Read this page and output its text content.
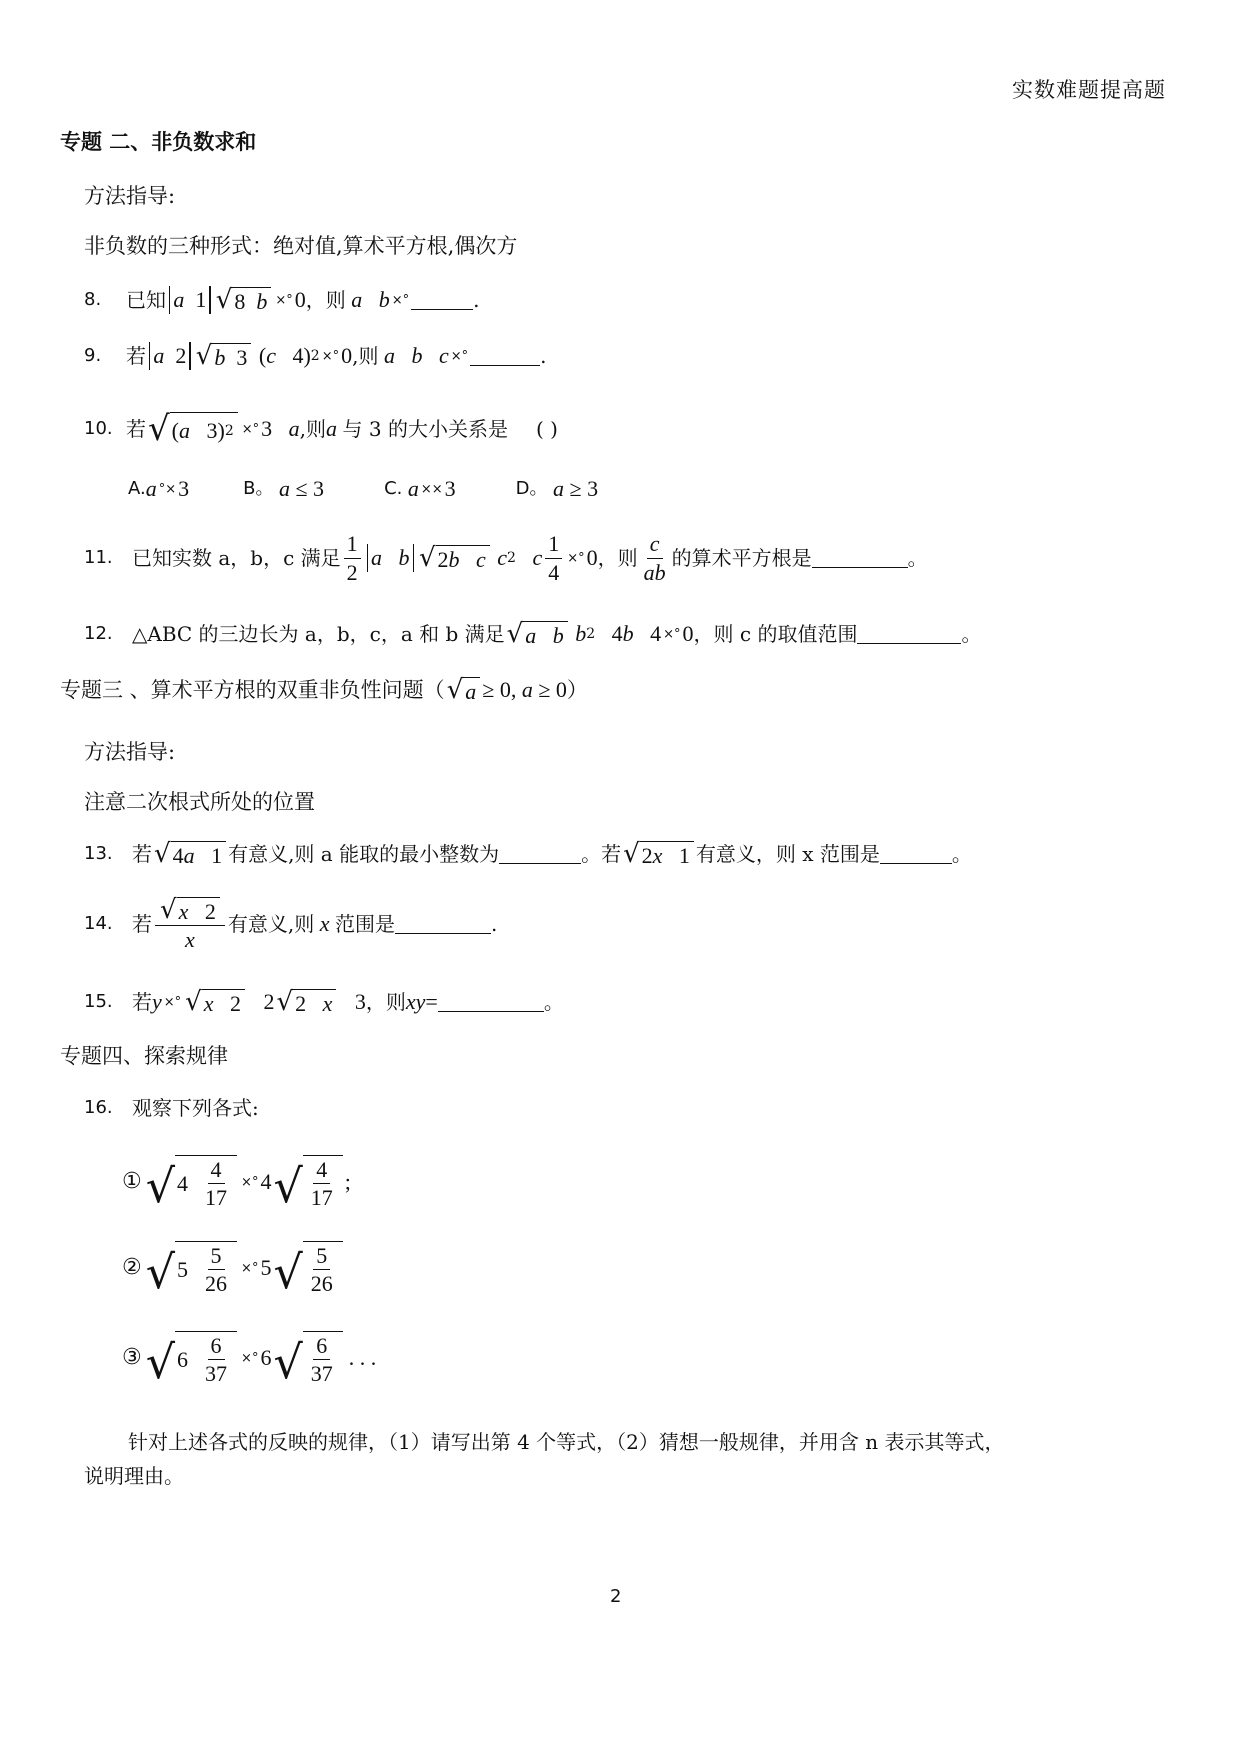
实数难题提高题
专题 二、非负数求和
方法指导:
非负数的三种形式：绝对值,算术平方根,偶次方
8.	已知 a 1 √ 8 b ×° 0 ，则 a   b ×°	.
9.	若 a 2 √ b 3 ( c 4) 2 ×° 0 ,则 a   b   c ×°	.
10. 若 √ ( a 3) 2 ×° 3 a ,则 a 与 3 的大小关系是 ( )
A. a °× 3	B。 a ≤ 3	C. a ×× 3	D。 a ≥ 3
11. 已知实数 a，b，c 满足 $\frac{1}{2}$ a
b √ 2 b   c c 2 c $\frac{1}{4}$ ×° 0 ，则 $\frac{c}{ab}$ 的算术平方根是	。
12. △ABC 的三边长为 a，b，c，a 和 b 满足 √ a   b b 2 4 b 4 ×° 0 ，则 c 的取值范围	。
专题三 、算术平方根的双重非负性问题（ √ a ≥ 0, a ≥ 0 ）
方法指导:
注意二次根式所处的位置
13. 若 √ 4 a 1 有意义,则 a 能取的最小整数为	。若 √ 2 x 1 有意义，则 x 范围是	。
14. 若 $\frac{√ x 2}{x}$ 有意义,则 x 范围是	.
15. 若 y ×° √ x 2 2 √ 2 x 3 ，则 xy =	。
专题四、探索规律
16. 观察下列各式:
① √ 4
$\frac{4}{17}$ ×° 4 √ $\frac{4}{17}$ ;
② √ 5
$\frac{5}{26}$ ×° 5 √ $\frac{5}{26}$
③ √ 6
$\frac{6}{37}$ ×° 6 √ $\frac{6}{37}$ . . .
针对上述各式的反映的规律，（1）请写出第 4 个等式，（2）猜想一般规律，并用含 n 表示其等式，
说明理由。
2
